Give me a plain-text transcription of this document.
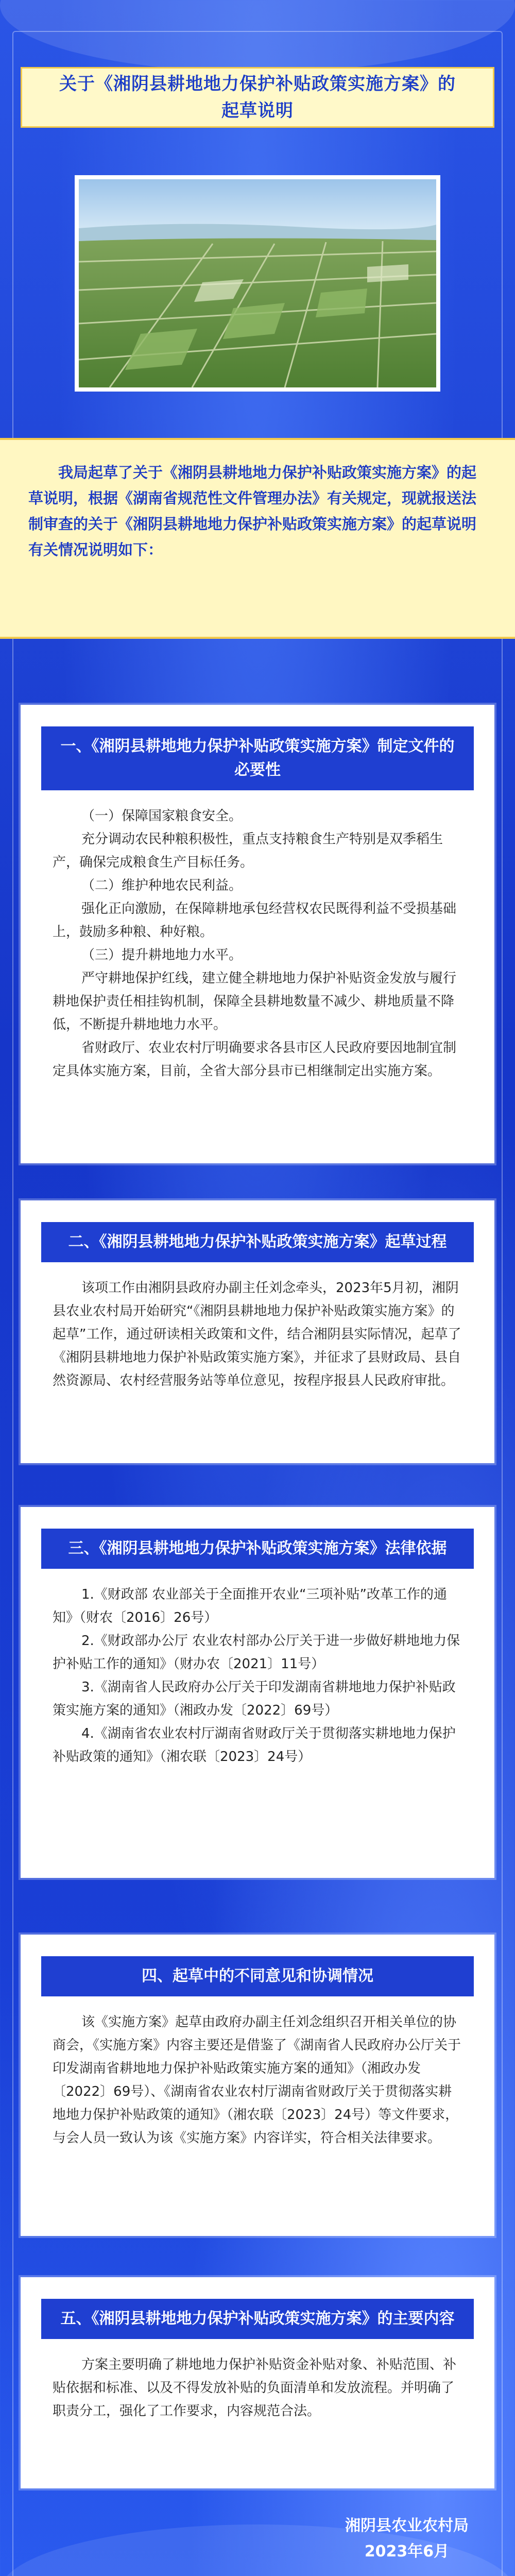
关于《湘阴县耕地地力保护补贴政策实施方案》的
起草说明

我局起草了关于《湘阴县耕地地力保护补贴政策实施方案》的起草说明，根据《湖南省规范性文件管理办法》有关规定，现就报送法制审查的关于《湘阴县耕地地力保护补贴政策实施方案》的起草说明有关情况说明如下：

一、《湘阴县耕地地力保护补贴政策实施方案》制定文件的必要性

（一）保障国家粮食安全。

充分调动农民种粮积极性，重点支持粮食生产特别是双季稻生产，确保完成粮食生产目标任务。

（二）维护种地农民利益。

强化正向激励，在保障耕地承包经营权农民既得利益不受损基础上，鼓励多种粮、种好粮。

（三）提升耕地地力水平。

严守耕地保护红线，建立健全耕地地力保护补贴资金发放与履行耕地保护责任相挂钩机制，保障全县耕地数量不减少、耕地质量不降低，不断提升耕地地力水平。

省财政厅、农业农村厅明确要求各县市区人民政府要因地制宜制定具体实施方案，目前，全省大部分县市已相继制定出实施方案。

二、《湘阴县耕地地力保护补贴政策实施方案》起草过程

该项工作由湘阴县政府办副主任刘念牵头，2023年5月初，湘阴县农业农村局开始研究“《湘阴县耕地地力保护补贴政策实施方案》的起草”工作，通过研读相关政策和文件，结合湘阴县实际情况，起草了《湘阴县耕地地力保护补贴政策实施方案》，并征求了县财政局、县自然资源局、农村经营服务站等单位意见，按程序报县人民政府审批。

三、《湘阴县耕地地力保护补贴政策实施方案》法律依据

1.《财政部 农业部关于全面推开农业“三项补贴”改革工作的通知》（财农〔2016〕26号）

2.《财政部办公厅 农业农村部办公厅关于进一步做好耕地地力保护补贴工作的通知》（财办农〔2021〕11号）

3.《湖南省人民政府办公厅关于印发湖南省耕地地力保护补贴政策实施方案的通知》（湘政办发〔2022〕69号）

4.《湖南省农业农村厅湖南省财政厅关于贯彻落实耕地地力保护补贴政策的通知》（湘农联〔2023〕24号）

四、起草中的不同意见和协调情况

该《实施方案》起草由政府办副主任刘念组织召开相关单位的协商会，《实施方案》内容主要还是借鉴了《湖南省人民政府办公厅关于印发湖南省耕地地力保护补贴政策实施方案的通知》（湘政办发〔2022〕69号）、《湖南省农业农村厅湖南省财政厅关于贯彻落实耕地地力保护补贴政策的通知》（湘农联〔2023〕24号）等文件要求，与会人员一致认为该《实施方案》内容详实，符合相关法律要求。

五、《湘阴县耕地地力保护补贴政策实施方案》的主要内容

方案主要明确了耕地地力保护补贴资金补贴对象、补贴范围、补贴依据和标准、以及不得发放补贴的负面清单和发放流程。并明确了职责分工，强化了工作要求，内容规范合法。

湘阴县农业农村局
2023年6月
